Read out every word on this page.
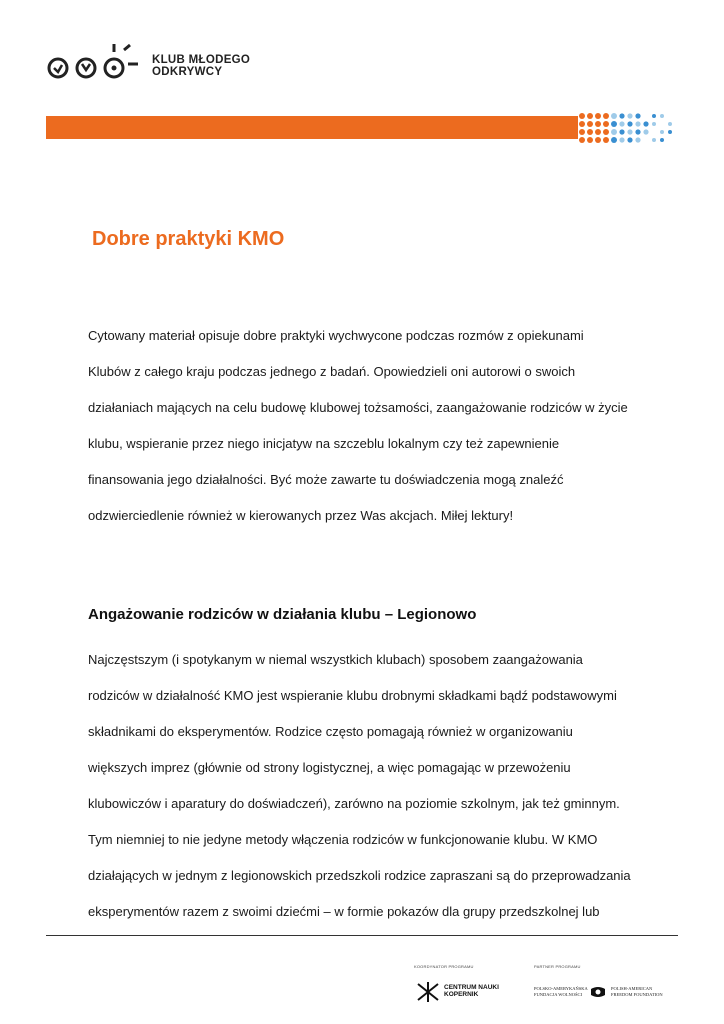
KLUB MŁODEGO
ODKRYWCY
Dobre praktyki KMO
Cytowany materiał opisuje dobre praktyki wychwycone podczas rozmów z opiekunami
Klubów z całego kraju podczas jednego z badań. Opowiedzieli oni autorowi o swoich
działaniach mających na celu budowę klubowej tożsamości, zaangażowanie rodziców w życie
klubu, wspieranie przez niego inicjatyw na szczeblu lokalnym czy też zapewnienie
finansowania jego działalności. Być może zawarte tu doświadczenia mogą znaleźć
odzwierciedlenie również w kierowanych przez Was akcjach. Miłej lektury!
Angażowanie rodziców w działania klubu – Legionowo
Najczęstszym (i spotykanym w niemal wszystkich klubach) sposobem zaangażowania
rodziców w działalność KMO jest wspieranie klubu drobnymi składkami bądź podstawowymi
składnikami do eksperymentów. Rodzice często pomagają również w organizowaniu
większych imprez (głównie od strony logistycznej, a więc pomagając w przewożeniu
klubowiczów i aparatury do doświadczeń), zarówno na poziomie szkolnym, jak też gminnym.
Tym niemniej to nie jedyne metody włączenia rodziców w funkcjonowanie klubu. W KMO
działających w jednym z legionowskich przedszkoli rodzice zapraszani są do przeprowadzania
eksperymentów razem z swoimi dziećmi – w formie pokazów dla grupy przedszkolnej lub
KOORDYNATOR PROGRAMU	PARTNER PROGRAMU
CENTRUM NAUKI
KOPERNIK
POLSKO-AMERYKAŃSKA
FUNDACJA WOLNOŚCI
POLISH-AMERICAN
FREEDOM FOUNDATION
